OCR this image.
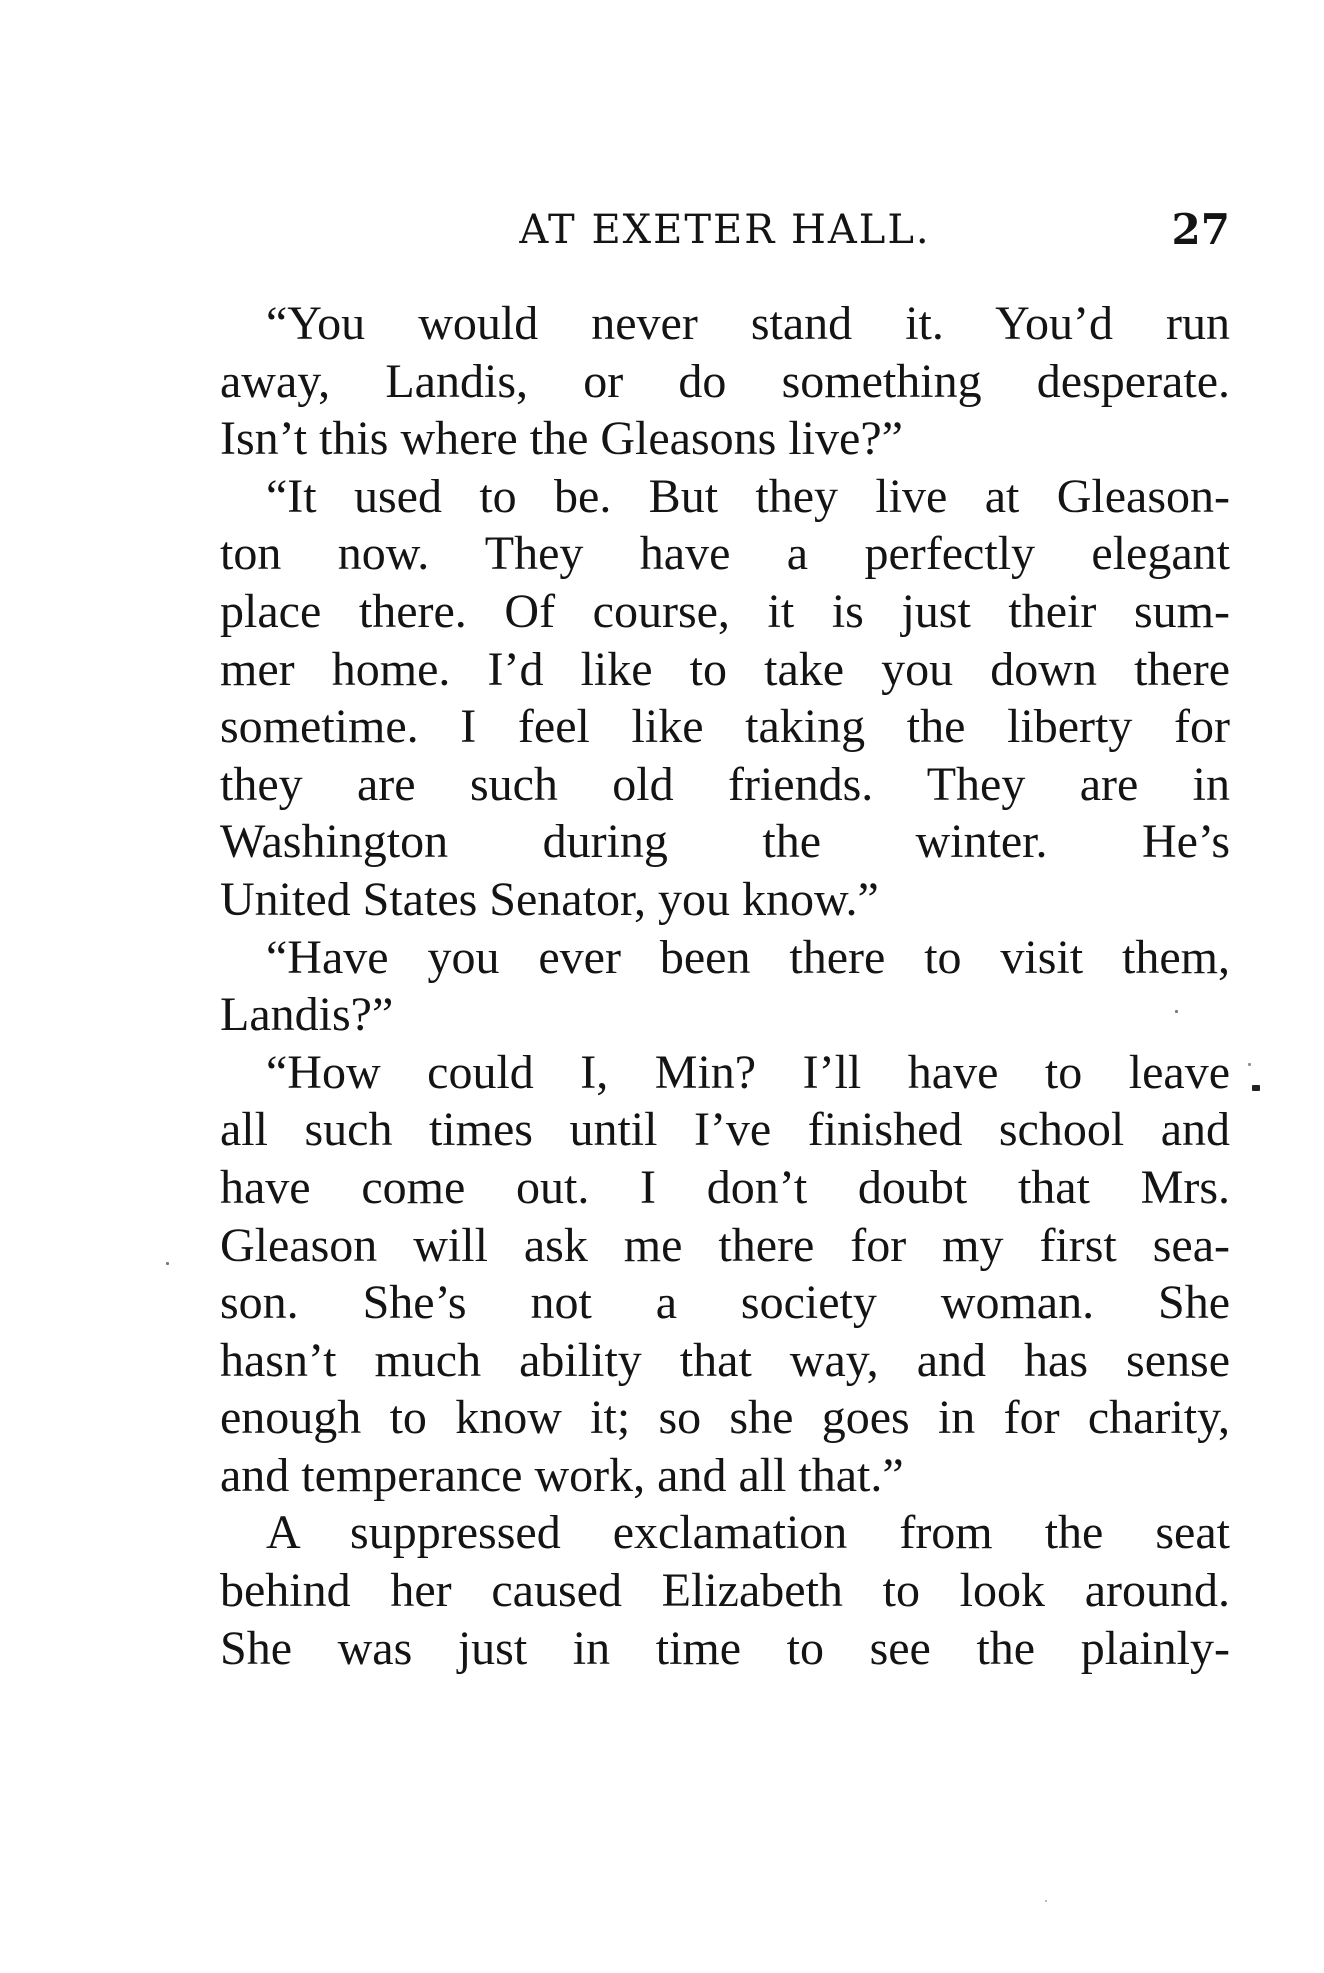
AT EXETER HALL.	27
“You would never stand it. You’d run
away, Landis, or do something desperate.
Isn’t this where the Gleasons live?”
“It used to be. But they live at Gleason-
ton now. They have a perfectly elegant
place there. Of course, it is just their sum-
mer home. I’d like to take you down there
sometime. I feel like taking the liberty for
they are such old friends. They are in
Washington during the winter. He’s
United States Senator, you know.”
“Have you ever been there to visit them,
Landis?”
“How could I, Min? I’ll have to leave
all such times until I’ve finished school and
have come out. I don’t doubt that Mrs.
Gleason will ask me there for my first sea-
son. She’s not a society woman. She
hasn’t much ability that way, and has sense
enough to know it; so she goes in for charity,
and temperance work, and all that.”
A suppressed exclamation from the seat
behind her caused Elizabeth to look around.
She was just in time to see the plainly-
